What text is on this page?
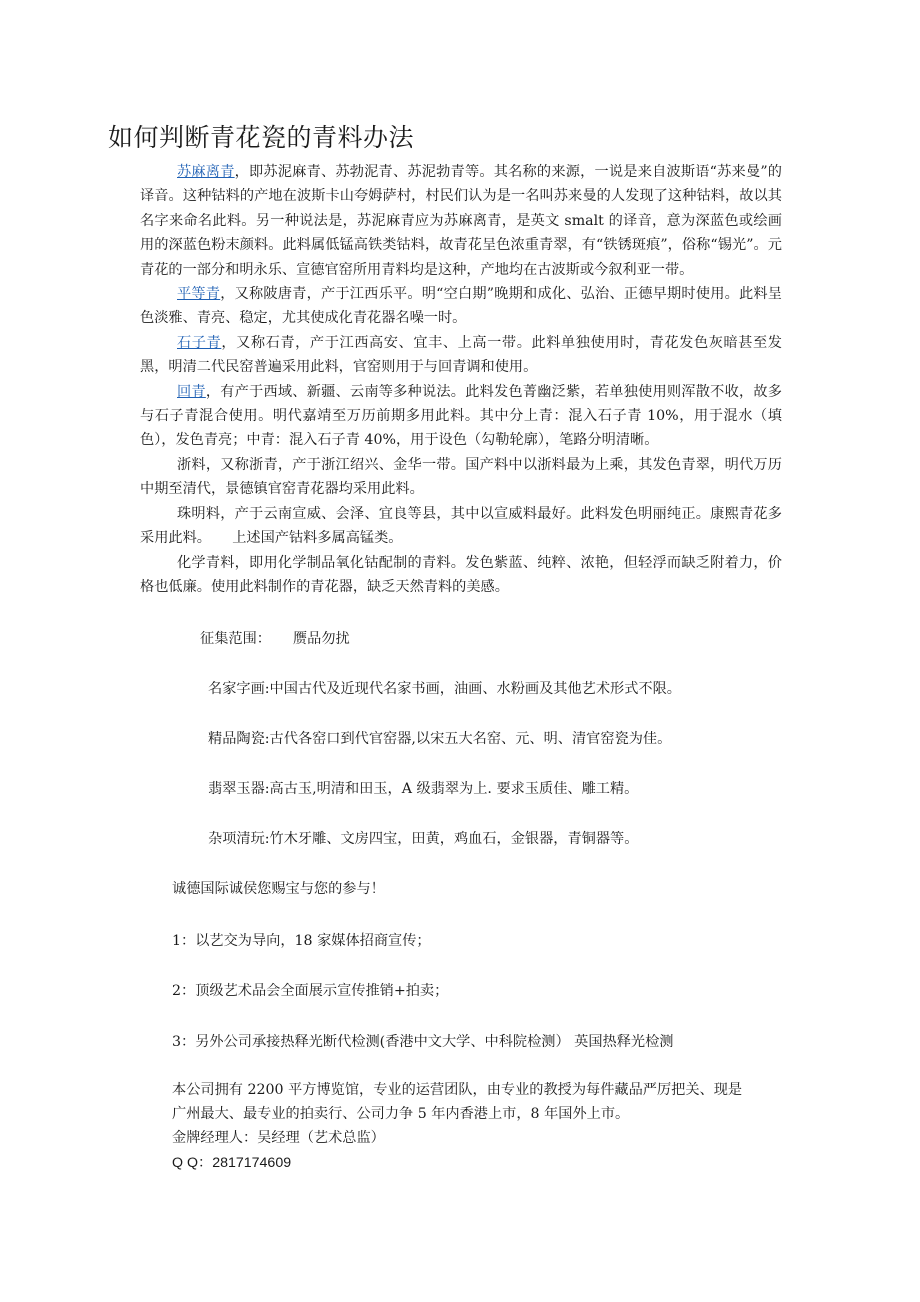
如何判断青花瓷的青料办法

苏麻离青，即苏泥麻青、苏勃泥青、苏泥勃青等。其名称的来源，一说是来自波斯语“苏来曼”的译音。这种钴料的产地在波斯卡山夸姆萨村，村民们认为是一名叫苏来曼的人发现了这种钴料，故以其名字来命名此料。另一种说法是，苏泥麻青应为苏麻离青，是英文 smalt 的译音，意为深蓝色或绘画用的深蓝色粉末颜料。此料属低锰高铁类钴料，故青花呈色浓重青翠，有“铁锈斑痕”，俗称“锡光”。元青花的一部分和明永乐、宣德官窑所用青料均是这种，产地均在古波斯或今叙利亚一带。

平等青，又称陂唐青，产于江西乐平。明“空白期”晚期和成化、弘治、正德早期时使用。此料呈色淡雅、青亮、稳定，尤其使成化青花器名噪一时。

石子青，又称石青，产于江西高安、宜丰、上高一带。此料单独使用时，青花发色灰暗甚至发黑，明清二代民窑普遍采用此料，官窑则用于与回青调和使用。

回青，有产于西域、新疆、云南等多种说法。此料发色菁幽泛紫，若单独使用则浑散不收，故多与石子青混合使用。明代嘉靖至万历前期多用此料。其中分上青：混入石子青 10%，用于混水（填色），发色青亮；中青：混入石子青 40%，用于设色（勾勒轮廓），笔路分明清晰。

浙料，又称浙青，产于浙江绍兴、金华一带。国产料中以浙料最为上乘，其发色青翠，明代万历中期至清代，景德镇官窑青花器均采用此料。

珠明料，产于云南宣威、会泽、宜良等县，其中以宣威料最好。此料发色明丽纯正。康熙青花多采用此料。　　上述国产钴料多属高锰类。

化学青料，即用化学制品氧化钴配制的青料。发色紫蓝、纯粹、浓艳，但轻浮而缺乏附着力，价格也低廉。使用此料制作的青花器，缺乏天然青料的美感。

征集范围： 赝品勿扰
名家字画:中国古代及近现代名家书画，油画、水粉画及其他艺术形式不限。
精品陶瓷:古代各窑口到代官窑器,以宋五大名窑、元、明、清官窑瓷为佳。
翡翠玉器:高古玉,明清和田玉，A 级翡翠为上. 要求玉质佳、雕工精。
杂项清玩:竹木牙雕、文房四宝，田黄，鸡血石，金银器，青铜器等。
诚德国际诚侯您赐宝与您的参与！
1：以艺交为导向，18 家媒体招商宣传；
2：顶级艺术品会全面展示宣传推销+拍卖；
3：另外公司承接热释光断代检测(香港中文大学、中科院检测） 英国热释光检测
本公司拥有 2200 平方博览馆，专业的运营团队，由专业的教授为每件藏品严厉把关、现是
广州最大、最专业的拍卖行、公司力争 5 年内香港上市，8 年国外上市。
金牌经理人：吴经理（艺术总监）
Q Q：2817174609
